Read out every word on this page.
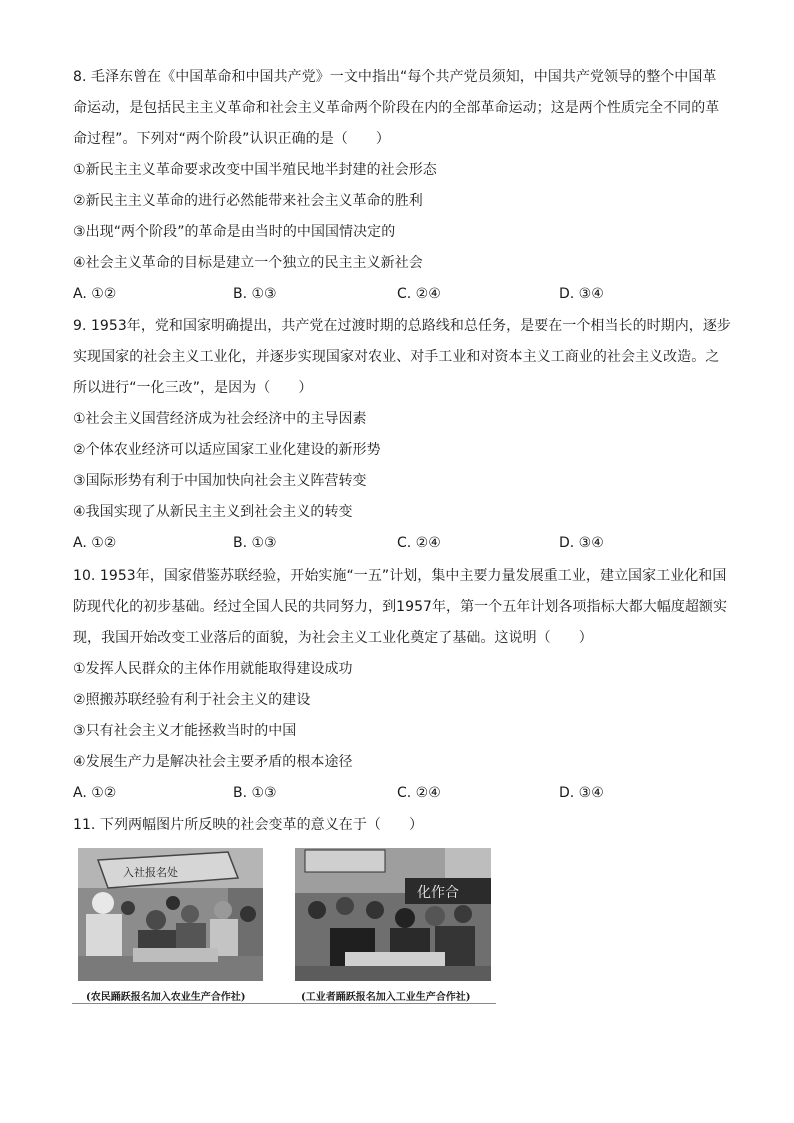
8. 毛泽东曾在《中国革命和中国共产党》一文中指出“每个共产党员须知，中国共产党领导的整个中国革
命运动，是包括民主主义革命和社会主义革命两个阶段在内的全部革命运动；这是两个性质完全不同的革
命过程”。下列对“两个阶段”认识正确的是（　　）
①新民主主义革命要求改变中国半殖民地半封建的社会形态
②新民主主义革命的进行必然能带来社会主义革命的胜利
③出现“两个阶段”的革命是由当时的中国国情决定的
④社会主义革命的目标是建立一个独立的民主主义新社会
A. ①②	B. ①③	C. ②④	D. ③④
9. 1953年，党和国家明确提出，共产党在过渡时期的总路线和总任务，是要在一个相当长的时期内，逐步
实现国家的社会主义工业化，并逐步实现国家对农业、对手工业和对资本主义工商业的社会主义改造。之
所以进行“一化三改”，是因为（　　）
①社会主义国营经济成为社会经济中的主导因素
②个体农业经济可以适应国家工业化建设的新形势
③国际形势有利于中国加快向社会主义阵营转变
④我国实现了从新民主主义到社会主义的转变
A. ①②	B. ①③	C. ②④	D. ③④
10. 1953年，国家借鉴苏联经验，开始实施“一五”计划，集中主要力量发展重工业，建立国家工业化和国
防现代化的初步基础。经过全国人民的共同努力，到1957年，第一个五年计划各项指标大都大幅度超额实
现，我国开始改变工业落后的面貌，为社会主义工业化奠定了基础。这说明（　　）
①发挥人民群众的主体作用就能取得建设成功
②照搬苏联经验有利于社会主义的建设
③只有社会主义才能拯救当时的中国
④发展生产力是解决社会主要矛盾的根本途径
A. ①②	B. ①③	C. ②④	D. ③④
11. 下列两幅图片所反映的社会变革的意义在于（　　）
入社报名处
(农民踊跃报名加入农业生产合作社)
化作合
(工业者踊跃报名加入工业生产合作社)
